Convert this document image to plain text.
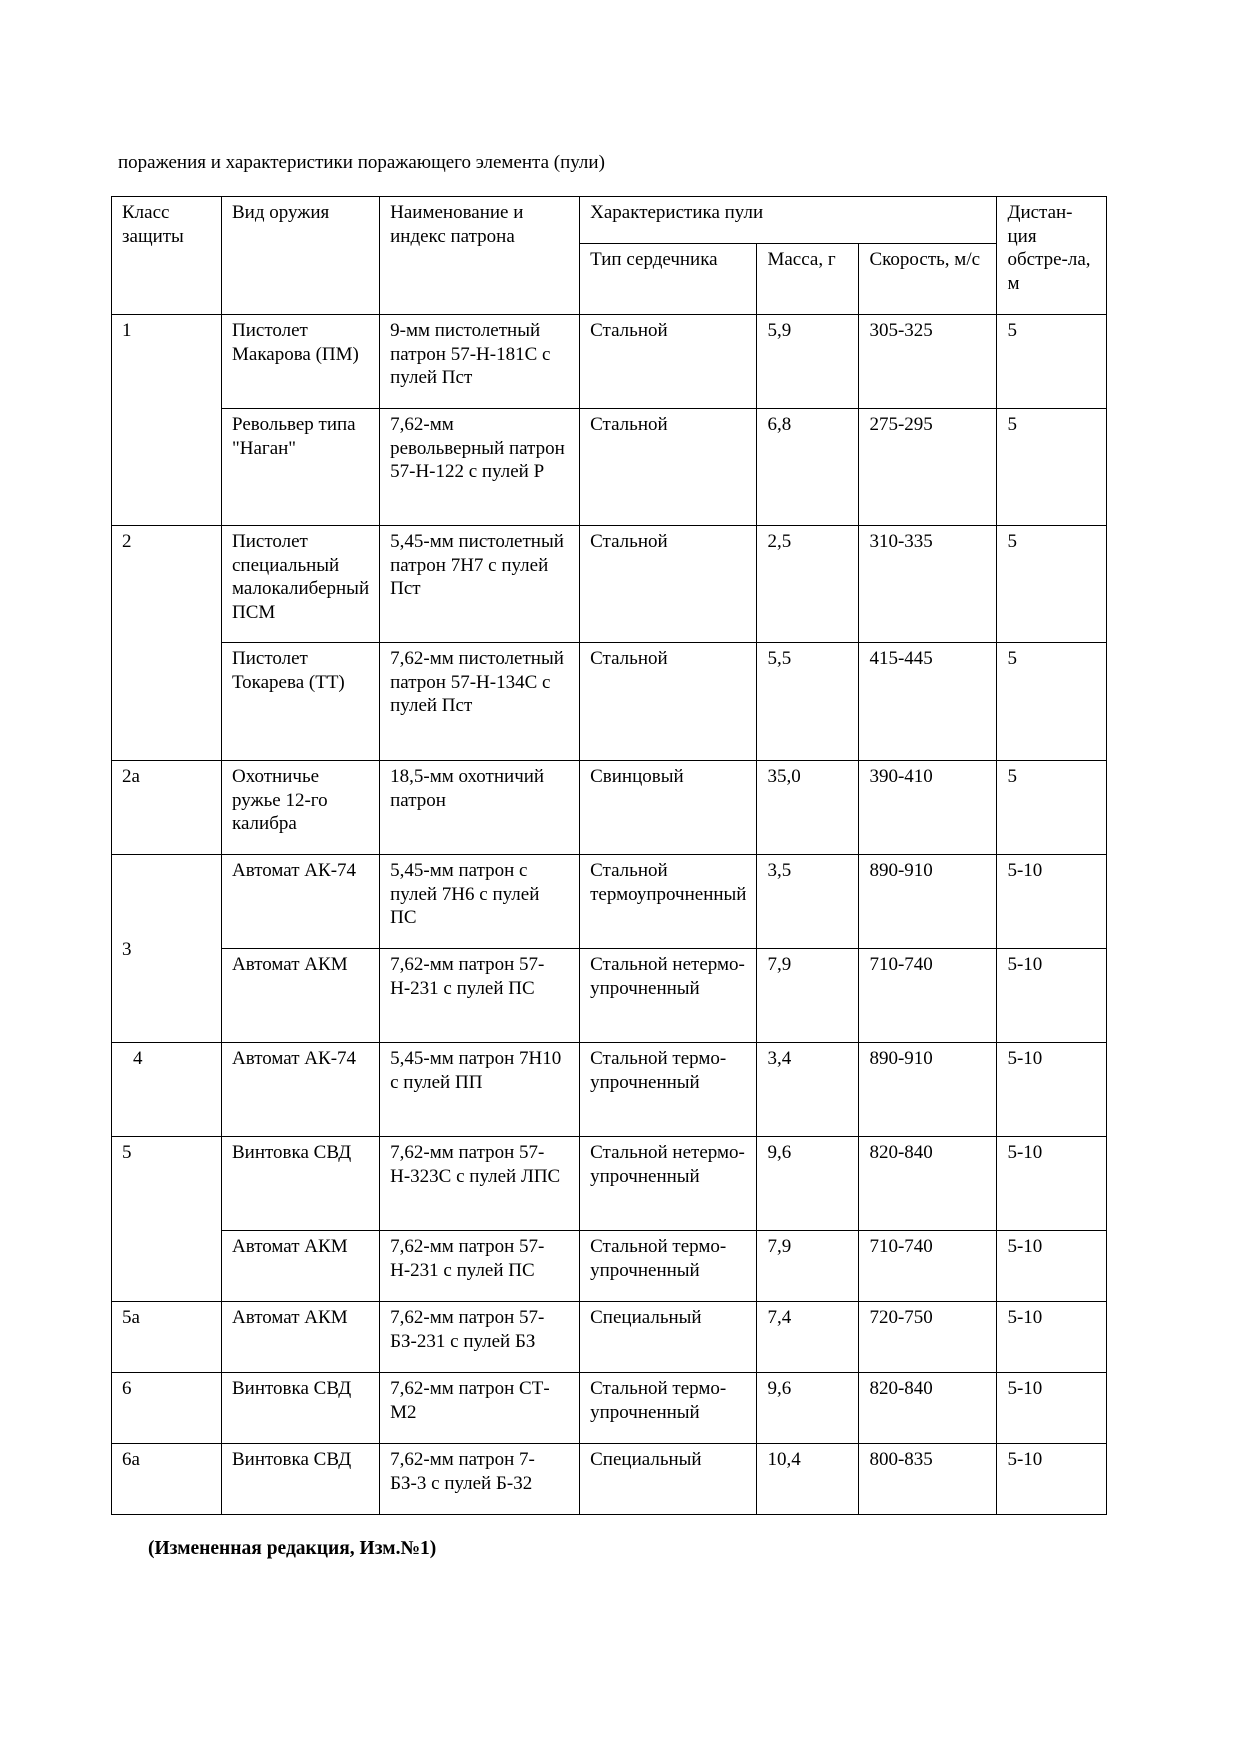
поражения и характеристики поражающего элемента (пули)
Класс защиты	Вид оружия	Наименование и индекс патрона	Характеристика пули			Дистан-ция обстре-ла, м
			Тип сердечника	Масса, г	Скорость, м/с	
1	Пистолет Макарова (ПМ)	9-мм пистолетный патрон 57-Н-181С с пулей Пст	Стальной	5,9	305-325	5
	Револьвер типа "Наган"	7,62-мм револьверный патрон 57-Н-122 с пулей Р	Стальной	6,8	275-295	5
2	Пистолет специальный малокалиберный ПСМ	5,45-мм пистолетный патрон 7Н7 с пулей Пст	Стальной	2,5	310-335	5
	Пистолет Токарева (ТТ)	7,62-мм пистолетный патрон 57-Н-134С с пулей Пст	Стальной	5,5	415-445	5
2а	Охотничье ружье 12-го калибра	18,5-мм охотничий патрон	Свинцовый	35,0	390-410	5
3	Автомат АК-74	5,45-мм патрон с пулей 7Н6 с пулей ПС	Стальной термоупрочненный	3,5	890-910	5-10
	Автомат АКМ	7,62-мм патрон 57-Н-231 с пулей ПС	Стальной нетермо-упрочненный	7,9	710-740	5-10
4	Автомат АК-74	5,45-мм патрон 7Н10 с пулей ПП	Стальной термо-упрочненный	3,4	890-910	5-10
5	Винтовка СВД	7,62-мм патрон 57-Н-323С с пулей ЛПС	Стальной нетермо-упрочненный	9,6	820-840	5-10
	Автомат АКМ	7,62-мм патрон 57-Н-231 с пулей ПС	Стальной термо-упрочненный	7,9	710-740	5-10
5а	Автомат АКМ	7,62-мм патрон 57-БЗ-231 с пулей БЗ	Специальный	7,4	720-750	5-10
6	Винтовка СВД	7,62-мм патрон СТ-М2	Стальной термо-упрочненный	9,6	820-840	5-10
6а	Винтовка СВД	7,62-мм патрон 7-БЗ-3 с пулей Б-32	Специальный	10,4	800-835	5-10
(Измененная редакция, Изм.№1)
